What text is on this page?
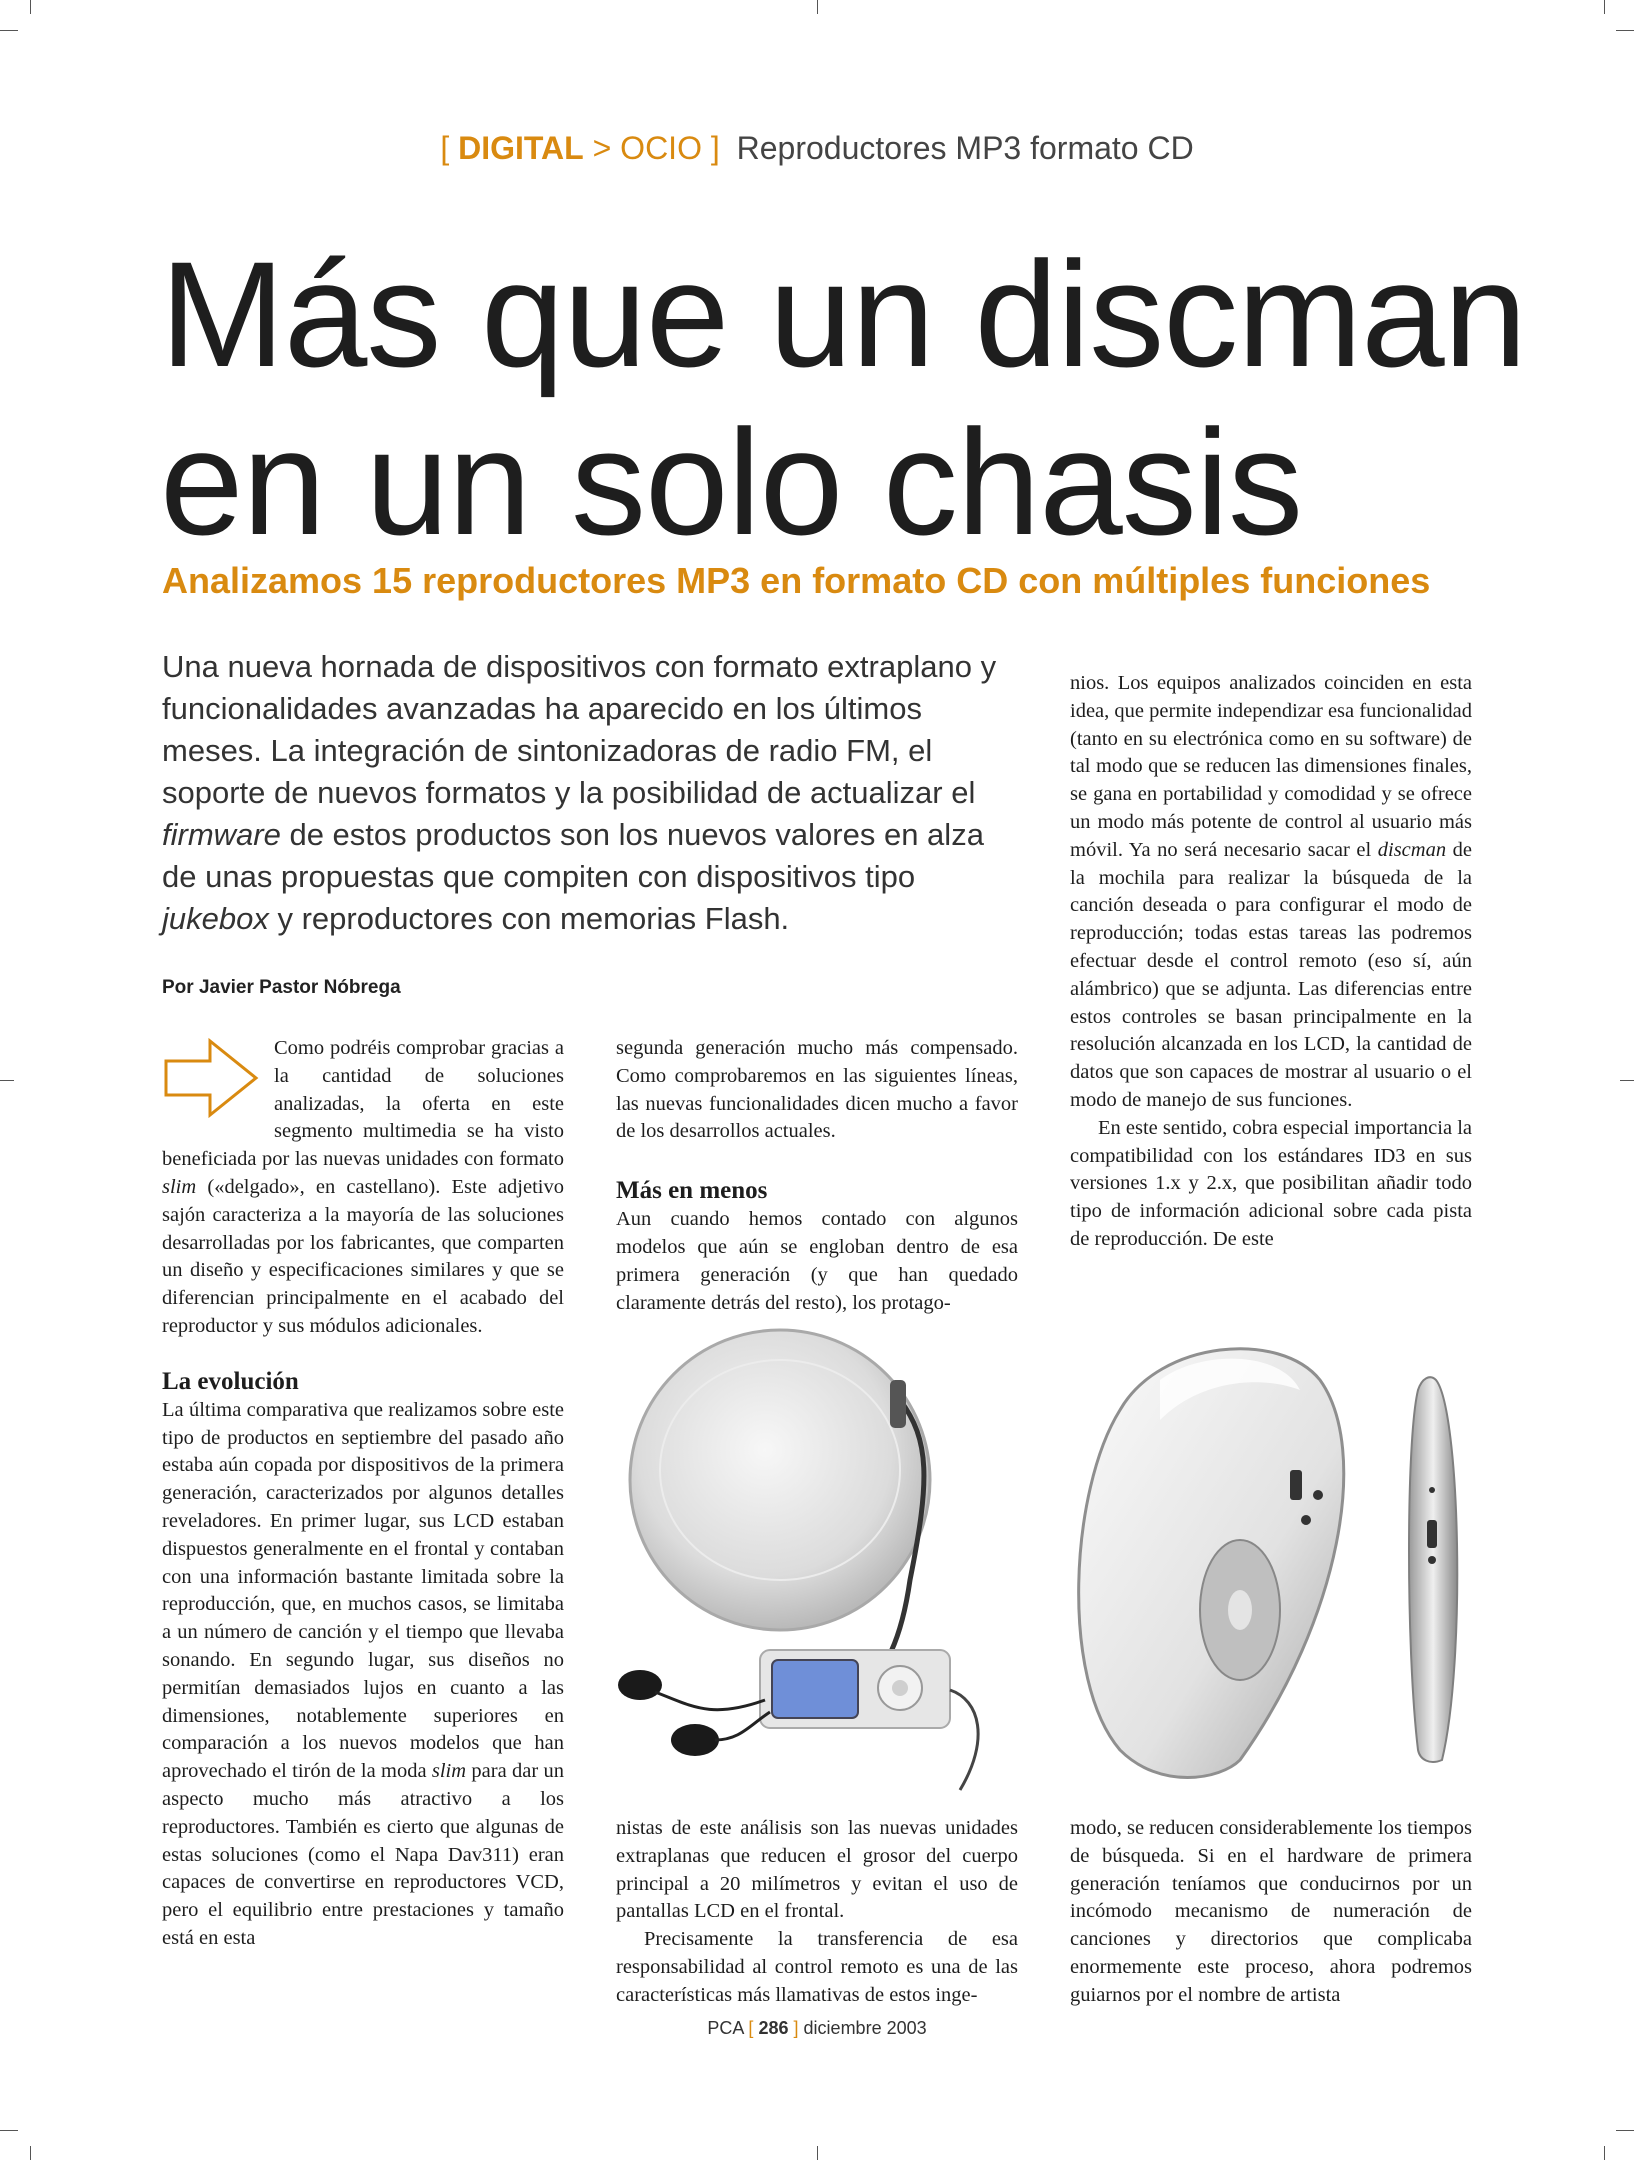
[ DIGITAL > OCIO ] Reproductores MP3 formato CD
Más que un discman
en un solo chasis
Analizamos 15 reproductores MP3 en formato CD con múltiples funciones
Una nueva hornada de dispositivos con formato extraplano y funcionalidades avanzadas ha aparecido en los últimos meses. La integración de sintonizadoras de radio FM, el soporte de nuevos formatos y la posibilidad de actualizar el firmware de estos productos son los nuevos valores en alza de unas propuestas que compiten con dispositivos tipo jukebox y reproductores con memorias Flash.
Por Javier Pastor Nóbrega

Como podréis comprobar gracias a la cantidad de soluciones analizadas, la oferta en este segmento multimedia se ha visto beneficiada por las nuevas unidades con formato slim («delgado», en castellano). Este adjetivo sajón caracteriza a la mayoría de las soluciones desarrolladas por los fabricantes, que comparten un diseño y especificaciones similares y que se diferencian principalmente en el acabado del reproductor y sus módulos adicionales.

La evolución

La última comparativa que realizamos sobre este tipo de productos en septiembre del pasado año estaba aún copada por dispositivos de la primera generación, caracterizados por algunos detalles reveladores. En primer lugar, sus LCD estaban dispuestos generalmente en el frontal y contaban con una información bastante limitada sobre la reproducción, que, en muchos casos, se limitaba a un número de canción y el tiempo que llevaba sonando. En segundo lugar, sus diseños no permitían demasiados lujos en cuanto a las dimensiones, notablemente superiores en comparación a los nuevos modelos que han aprovechado el tirón de la moda slim para dar un aspecto mucho más atractivo a los reproductores. También es cierto que algunas de estas soluciones (como el Napa Dav311) eran capaces de convertirse en reproductores VCD, pero el equilibrio entre prestaciones y tamaño está en esta

segunda generación mucho más compensado. Como comprobaremos en las siguientes líneas, las nuevas funcionalidades dicen mucho a favor de los desarrollos actuales.

Más en menos

Aun cuando hemos contado con algunos modelos que aún se engloban dentro de esa primera generación (y que han quedado claramente detrás del resto), los protago-

nios. Los equipos analizados coinciden en esta idea, que permite independizar esa funcionalidad (tanto en su electrónica como en su software) de tal modo que se reducen las dimensiones finales, se gana en portabilidad y comodidad y se ofrece un modo más potente de control al usuario más móvil. Ya no será necesario sacar el discman de la mochila para realizar la búsqueda de la canción deseada o para configurar el modo de reproducción; todas estas tareas las podremos efectuar desde el control remoto (eso sí, aún alámbrico) que se adjunta. Las diferencias entre estos controles se basan principalmente en la resolución alcanzada en los LCD, la cantidad de datos que son capaces de mostrar al usuario o el modo de manejo de sus funciones.

En este sentido, cobra especial importancia la compatibilidad con los estándares ID3 en sus versiones 1.x y 2.x, que posibilitan añadir todo tipo de información adicional sobre cada pista de reproducción. De este

nistas de este análisis son las nuevas unidades extraplanas que reducen el grosor del cuerpo principal a 20 milímetros y evitan el uso de pantallas LCD en el frontal.

Precisamente la transferencia de esa responsabilidad al control remoto es una de las características más llamativas de estos inge-

modo, se reducen considerablemente los tiempos de búsqueda. Si en el hardware de primera generación teníamos que conducirnos por un incómodo mecanismo de numeración de canciones y directorios que complicaba enormemente este proceso, ahora podremos guiarnos por el nombre de artista

PCA [ 286 ] diciembre 2003
